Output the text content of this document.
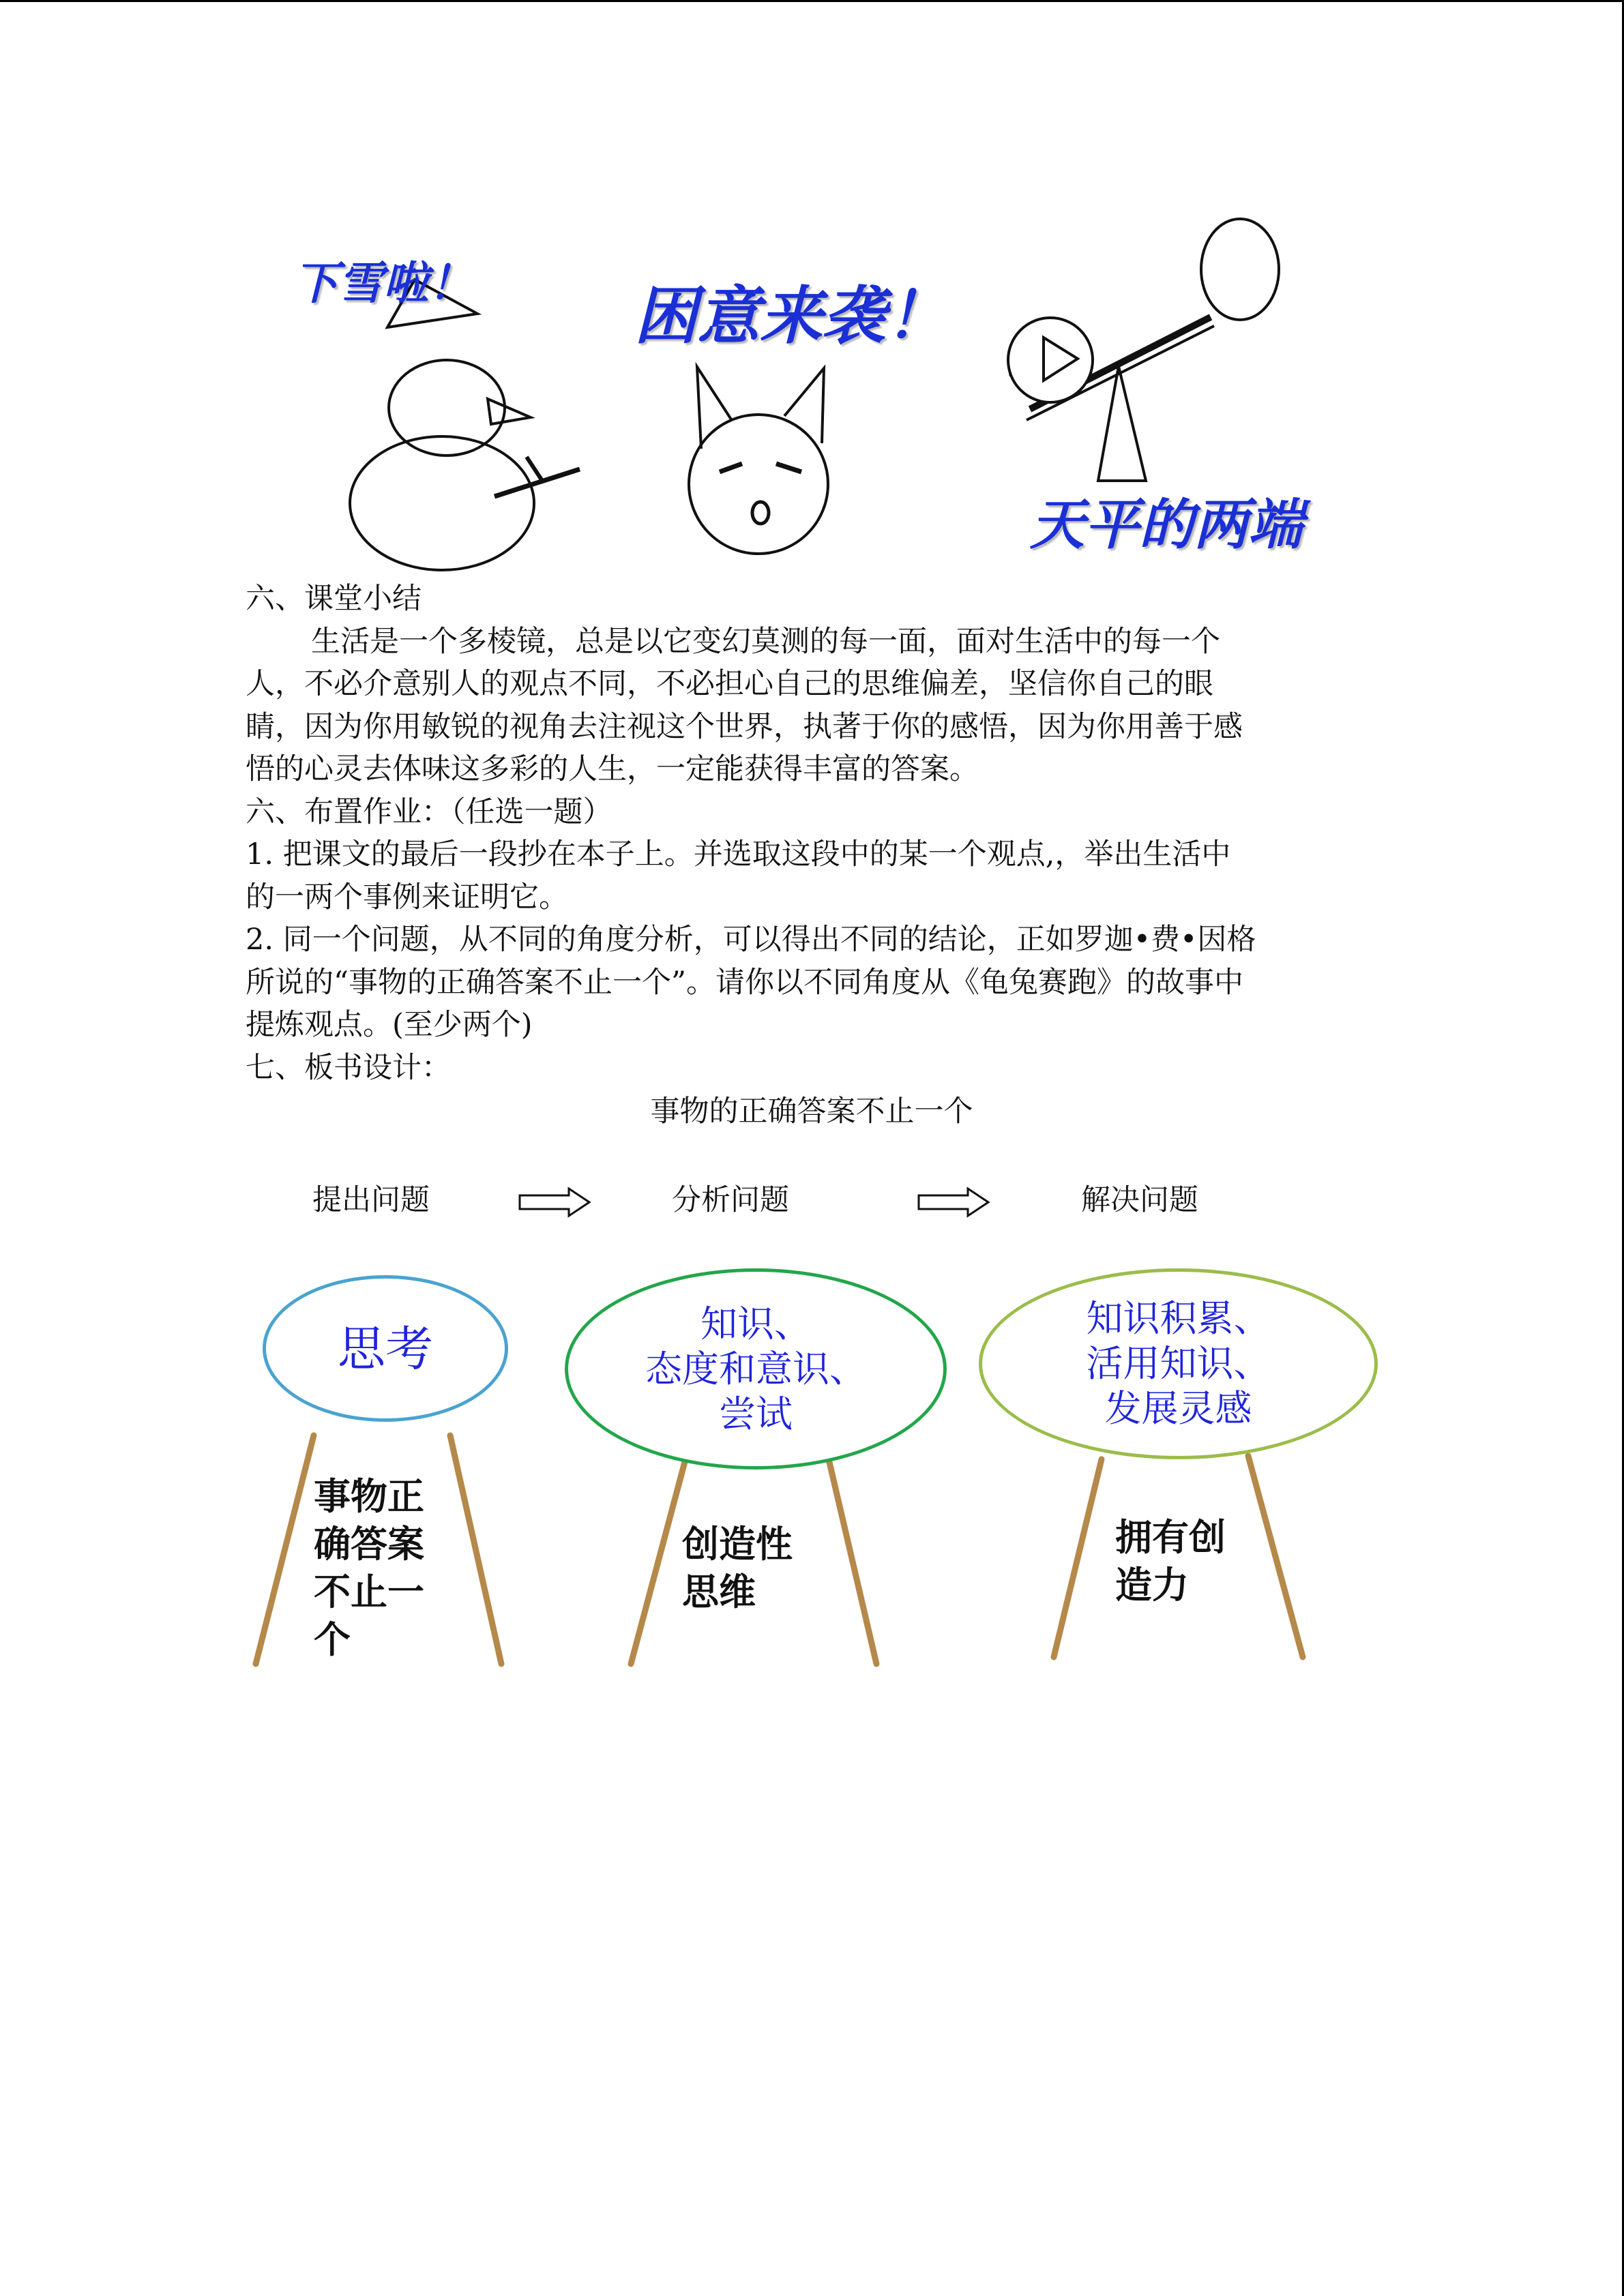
下雪啦！	困意来袭！

天平的两端

六、课堂小结

生活是一个多棱镜，总是以它变幻莫测的每一面，面对生活中的每一个

人，不必介意别人的观点不同，不必担心自己的思维偏差，坚信你自己的眼

睛，因为你用敏锐的视角去注视这个世界，执著于你的感悟，因为你用善于感

悟的心灵去体味这多彩的人生，一定能获得丰富的答案。

六、布置作业：（任选一题）

1. 把课文的最后一段抄在本子上。并选取这段中的某一个观点,，举出生活中

的一两个事例来证明它。

2. 同一个问题，从不同的角度分析，可以得出不同的结论，正如罗迦•费•因格

所说的“事物的正确答案不止一个”。请你以不同角度从《龟兔赛跑》的故事中

提炼观点。(至少两个)

七、板书设计：

事物的正确答案不止一个

提出问题	分析问题	解决问题

思考	知识、
态度和意识、
尝试
知识积累、
活用知识、
发展灵感

事物正
确答案
不止一
个

创造性
思维

拥有创
造力
